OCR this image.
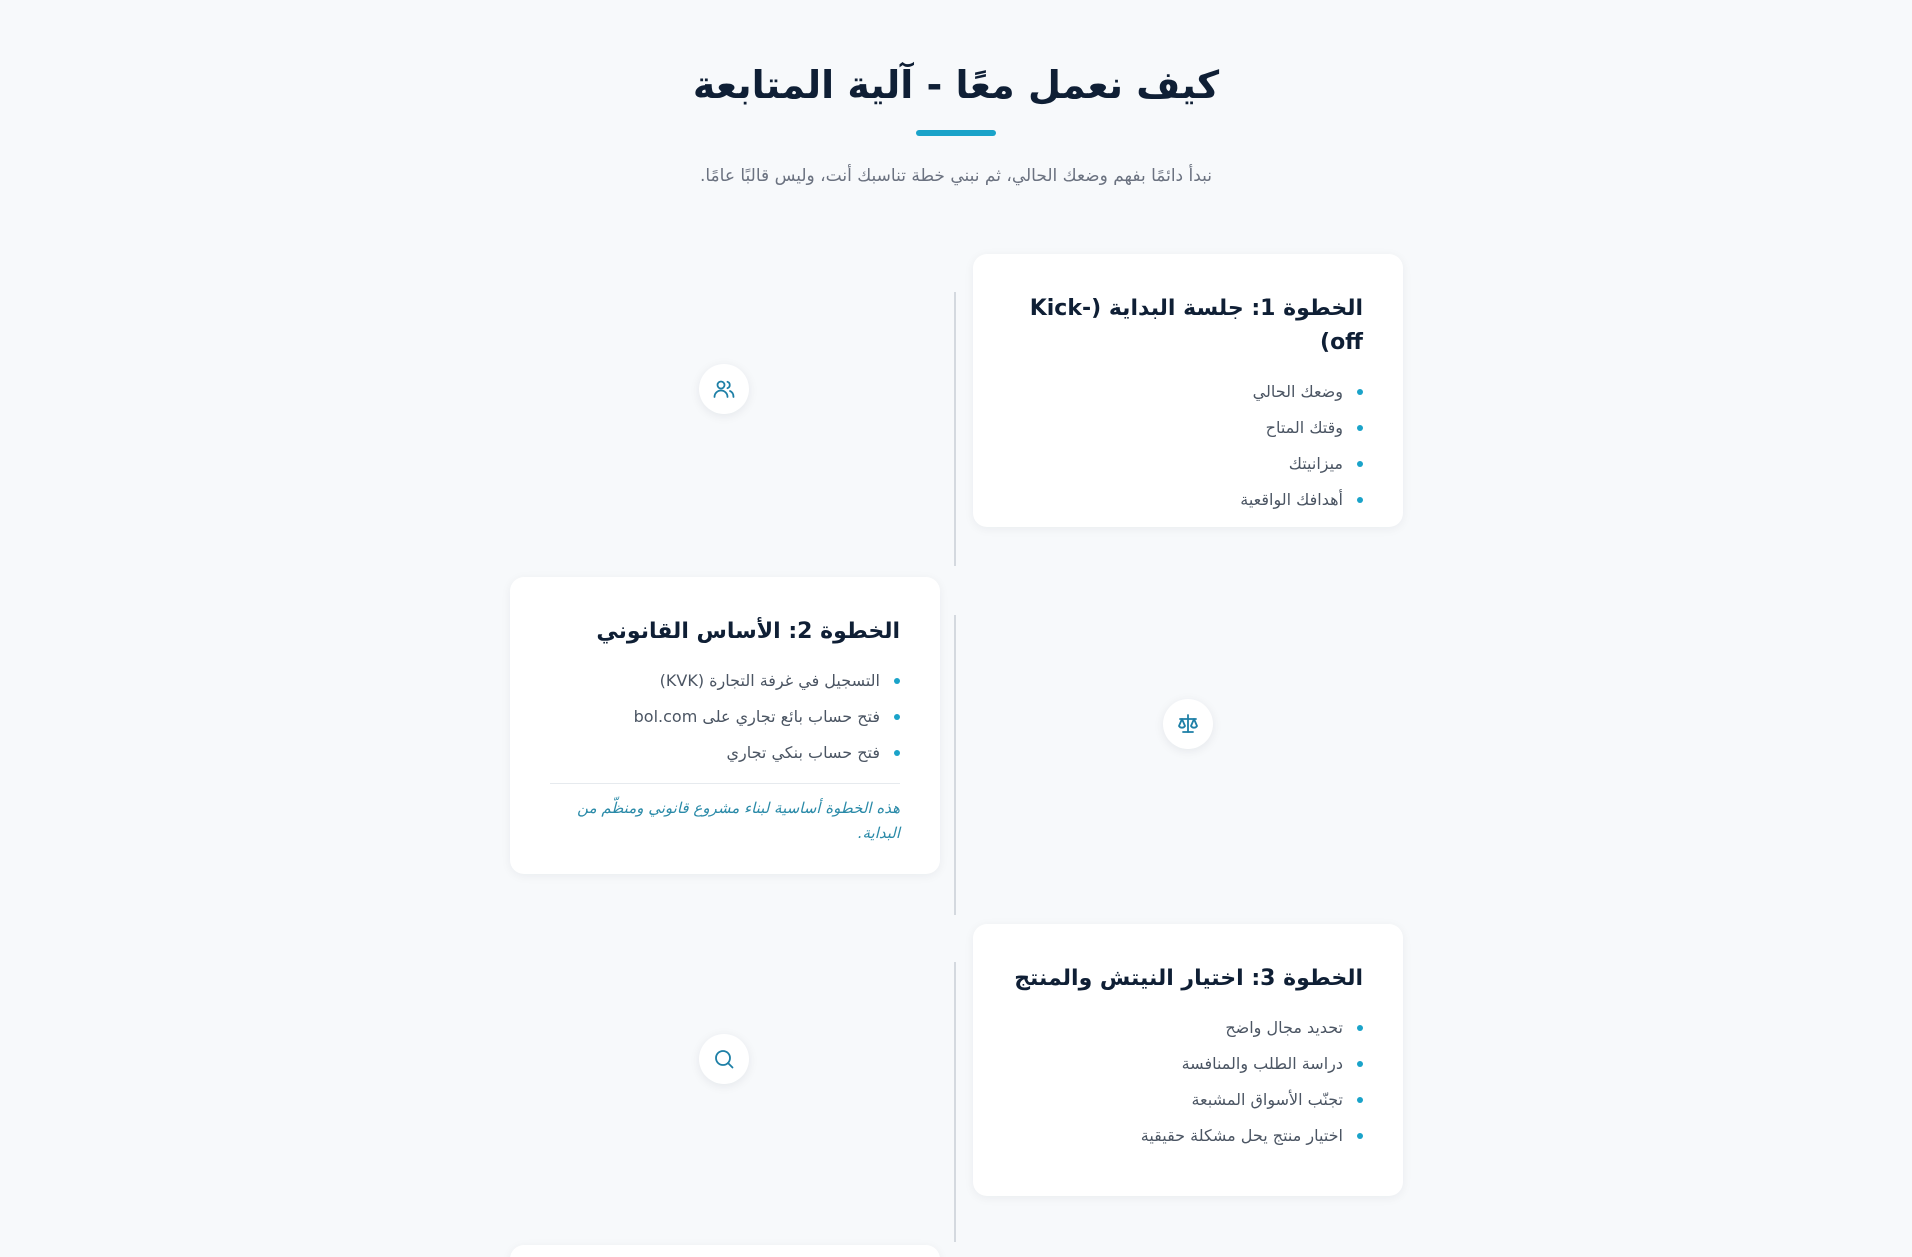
كيف نعمل معًا - آلية المتابعة
نبدأ دائمًا بفهم وضعك الحالي، ثم نبني خطة تناسبك أنت، وليس قالبًا عامًا.
الخطوة 1: جلسة البداية (Kick-off)
وضعك الحالي
وقتك المتاح
ميزانيتك
أهدافك الواقعية
الخطوة 2: الأساس القانوني
التسجيل في غرفة التجارة (KVK)
فتح حساب بائع تجاري على bol.com
فتح حساب بنكي تجاري
هذه الخطوة أساسية لبناء مشروع قانوني ومنظّم من البداية.
الخطوة 3: اختيار النيتش والمنتج
تحديد مجال واضح
دراسة الطلب والمنافسة
تجنّب الأسواق المشبعة
اختيار منتج يحل مشكلة حقيقية
